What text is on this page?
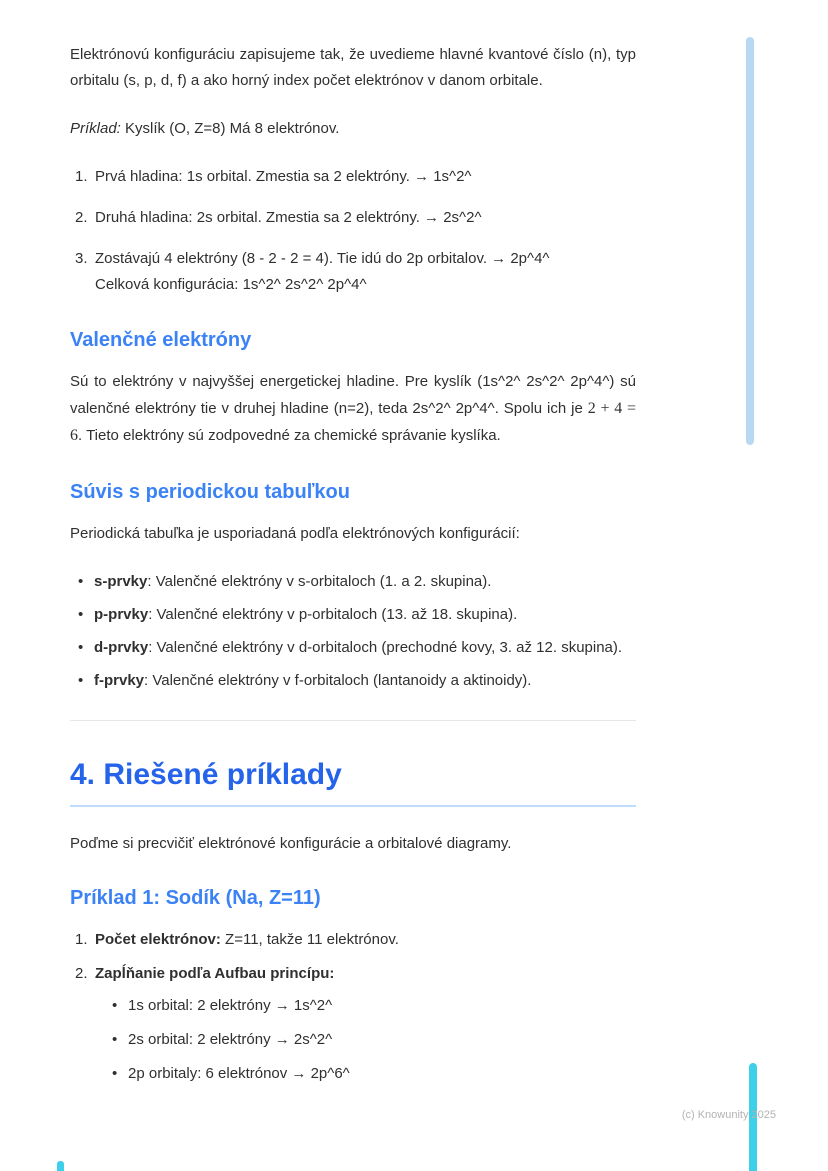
Elektrónovú konfiguráciu zapisujeme tak, že uvedieme hlavné kvantové číslo (n), typ orbitalu (s, p, d, f) a ako horný index počet elektrónov v danom orbitale.

Príklad: Kyslík (O, Z=8) Má 8 elektrónov.

1. Prvá hladina: 1s orbital. Zmestia sa 2 elektróny. → 1s^2^
2. Druhá hladina: 2s orbital. Zmestia sa 2 elektróny. → 2s^2^
3. Zostávajú 4 elektróny (8 - 2 - 2 = 4). Tie idú do 2p orbitalov. → 2p^4^
Celková konfigurácia: 1s^2^ 2s^2^ 2p^4^
Valenčné elektróny

Sú to elektróny v najvyššej energetickej hladine. Pre kyslík (1s^2^ 2s^2^ 2p^4^) sú valenčné elektróny tie v druhej hladine (n=2), teda 2s^2^ 2p^4^. Spolu ich je 2 + 4 = 6. Tieto elektróny sú zodpovedné za chemické správanie kyslíka.

Súvis s periodickou tabuľkou

Periodická tabuľka je usporiadaná podľa elektrónových konfigurácií:

• s-prvky: Valenčné elektróny v s-orbitaloch (1. a 2. skupina).
• p-prvky: Valenčné elektróny v p-orbitaloch (13. až 18. skupina).
• d-prvky: Valenčné elektróny v d-orbitaloch (prechodné kovy, 3. až 12. skupina).
• f-prvky: Valenčné elektróny v f-orbitaloch (lantanoidy a aktinoidy).
4. Riešené príklady

Poďme si precvičiť elektrónové konfigurácie a orbitalové diagramy.

Príklad 1: Sodík (Na, Z=11)
1. Počet elektrónov: Z=11, takže 11 elektrónov.
2. Zapĺňanie podľa Aufbau princípu:
• 1s orbital: 2 elektróny → 1s^2^
• 2s orbital: 2 elektróny → 2s^2^
• 2p orbitaly: 6 elektrónov → 2p^6^
(c) Knowunity 2025
